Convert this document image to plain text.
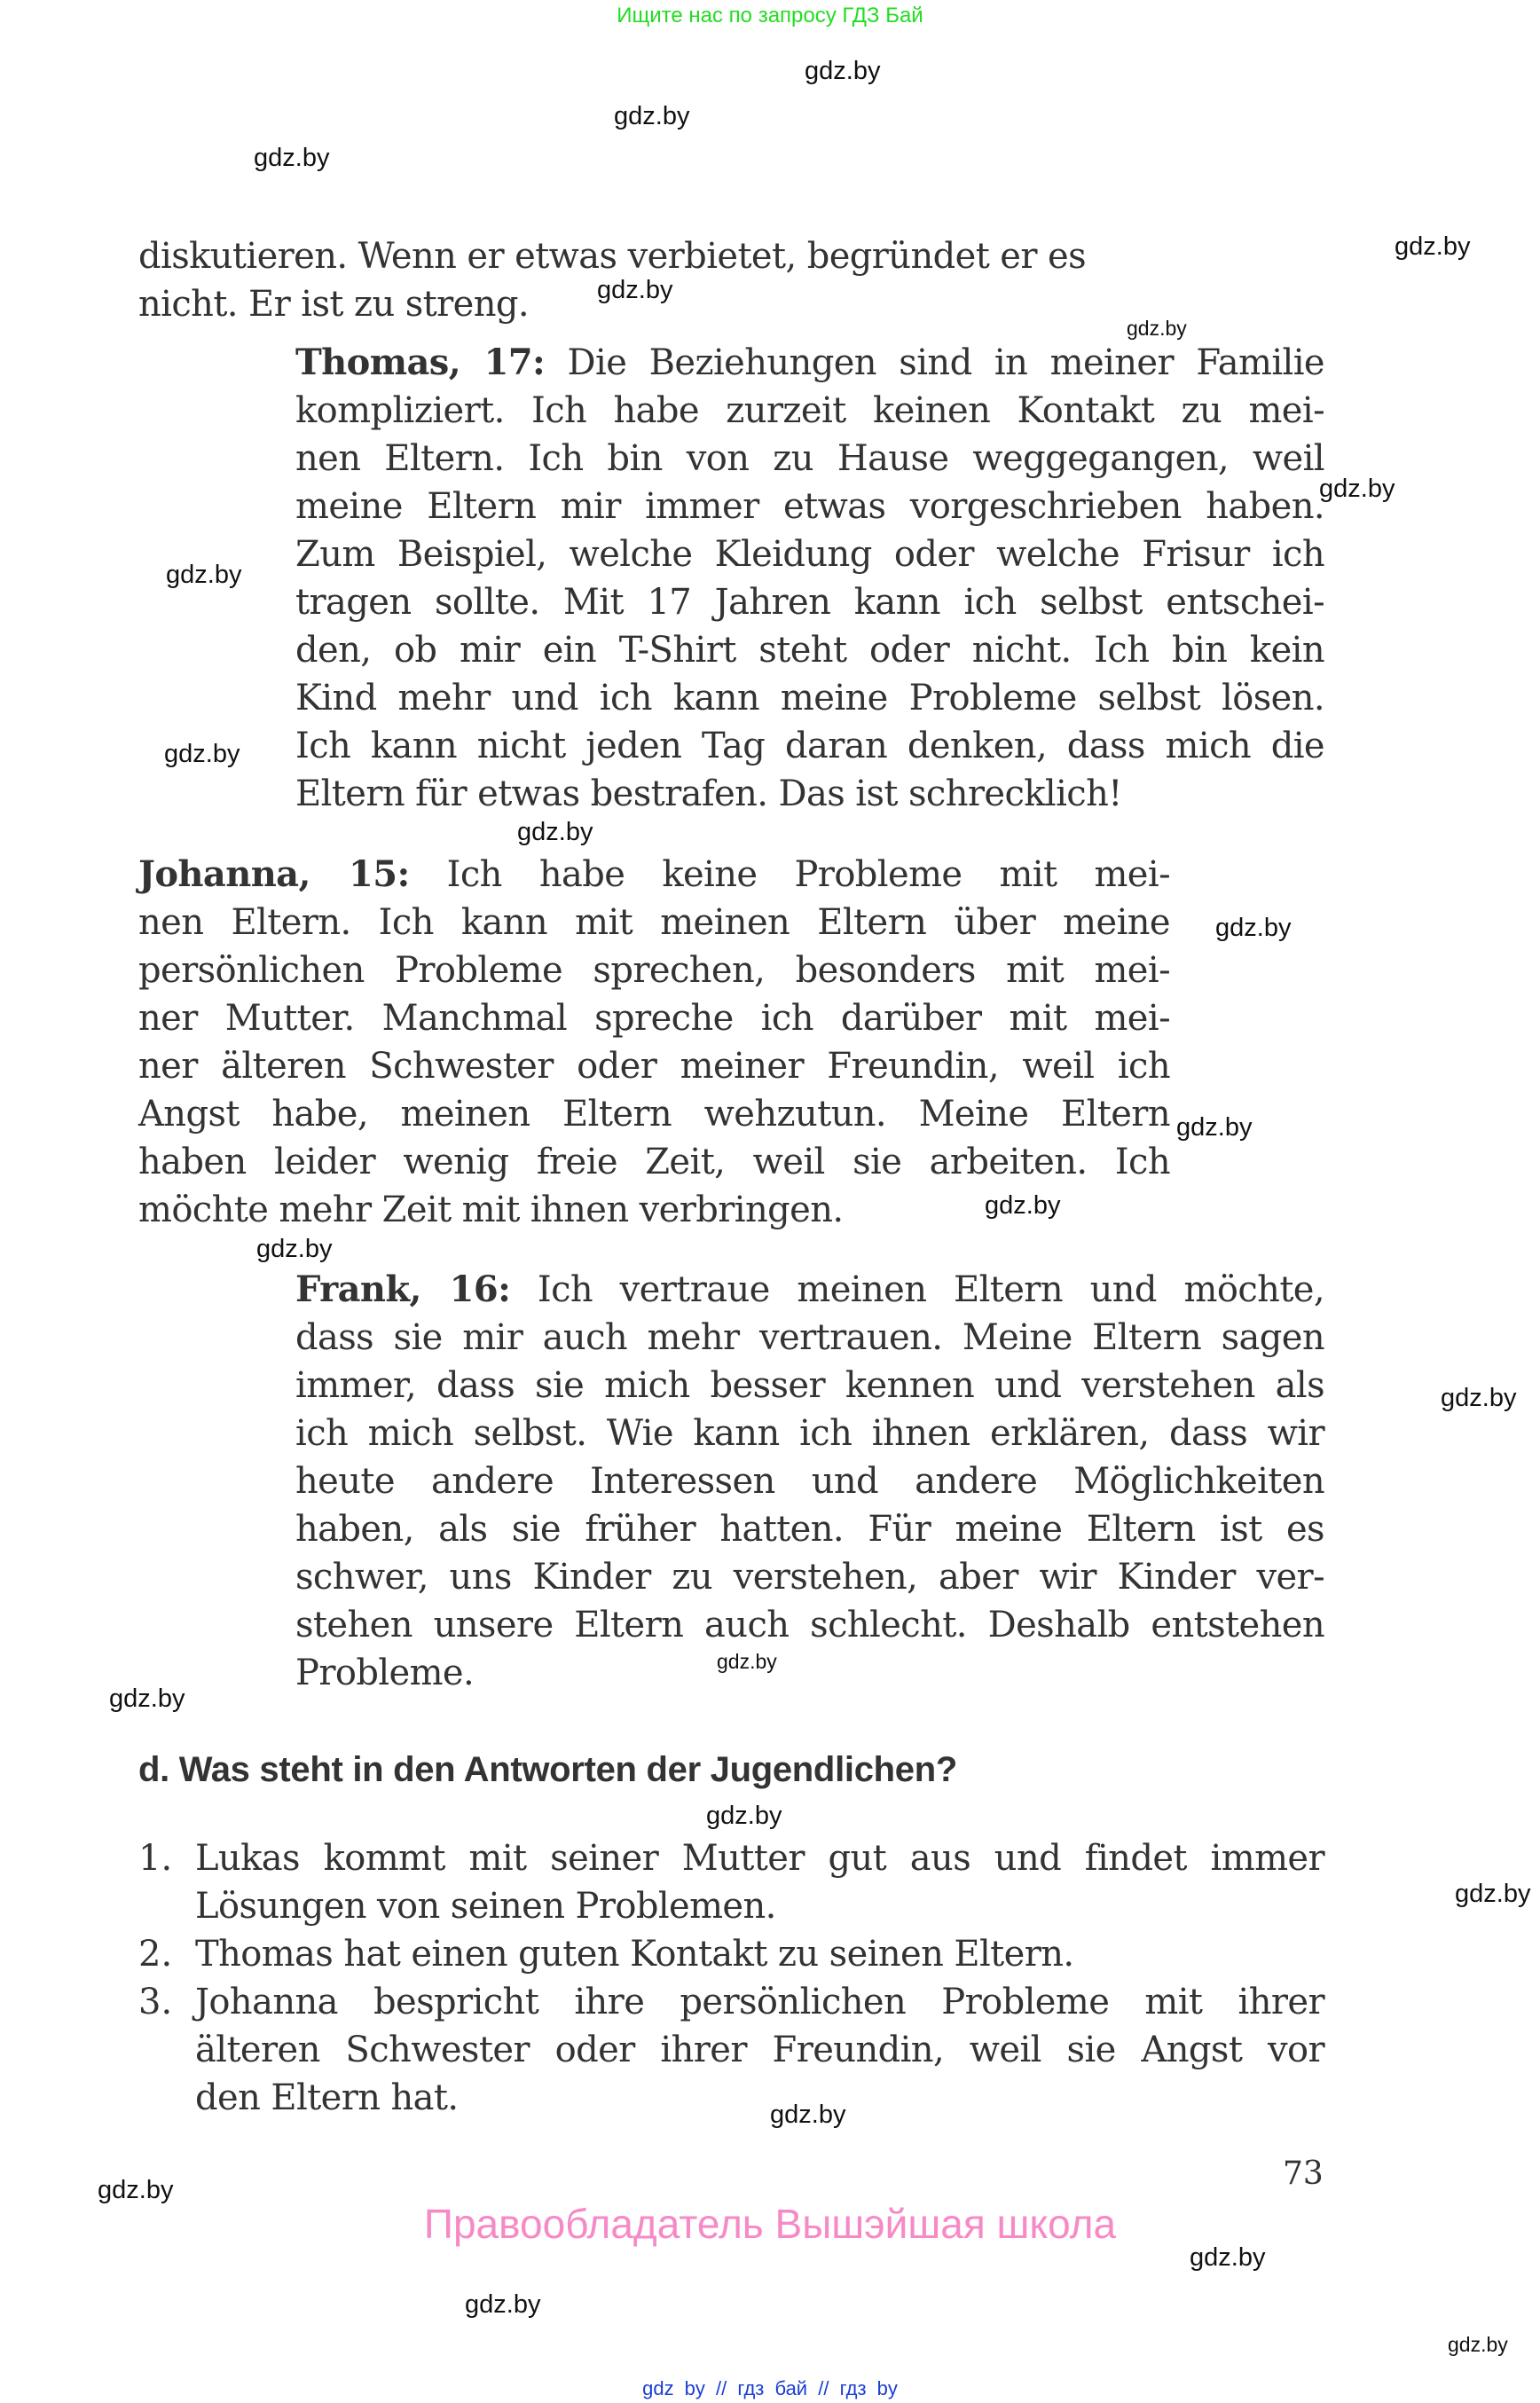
Ищите нас по запросу ГДЗ Бай
gdz.by
gdz.by
gdz.by
gdz.by
gdz.by
gdz.by
gdz.by
gdz.by
gdz.by
gdz.by
gdz.by
gdz.by
gdz.by
gdz.by
gdz.by
gdz.by
gdz.by
gdz.by
gdz.by
gdz.by
gdz.by
gdz.by
gdz.by
gdz.by
diskutieren. Wenn er etwas verbietet, begründet er es
nicht. Er ist zu streng.
Thomas, 17: Die Beziehungen sind in meiner Familie
kompliziert. Ich habe zurzeit keinen Kontakt zu mei-
nen Eltern. Ich bin von zu Hause weggegangen, weil
meine Eltern mir immer etwas vorgeschrieben haben.
Zum Beispiel, welche Kleidung oder welche Frisur ich
tragen sollte. Mit 17 Jahren kann ich selbst entschei-
den, ob mir ein T-Shirt steht oder nicht. Ich bin kein
Kind mehr und ich kann meine Probleme selbst lösen.
Ich kann nicht jeden Tag daran denken, dass mich die
Eltern für etwas bestrafen. Das ist schrecklich!
Johanna, 15: Ich habe keine Probleme mit mei-
nen Eltern. Ich kann mit meinen Eltern über meine
persönlichen Probleme sprechen, besonders mit mei-
ner Mutter. Manchmal spreche ich darüber mit mei-
ner älteren Schwester oder meiner Freundin, weil ich
Angst habe, meinen Eltern wehzutun. Meine Eltern
haben leider wenig freie Zeit, weil sie arbeiten. Ich
möchte mehr Zeit mit ihnen verbringen.
Frank, 16: Ich vertraue meinen Eltern und möchte,
dass sie mir auch mehr vertrauen. Meine Eltern sagen
immer, dass sie mich besser kennen und verstehen als
ich mich selbst. Wie kann ich ihnen erklären, dass wir
heute andere Interessen und andere Möglichkeiten
haben, als sie früher hatten. Für meine Eltern ist es
schwer, uns Kinder zu verstehen, aber wir Kinder ver-
stehen unsere Eltern auch schlecht. Deshalb entstehen
Probleme.
d. Was steht in den Antworten der Jugendlichen?
1. Lukas kommt mit seiner Mutter gut aus und findet immer
Lösungen von seinen Problemen.
2. Thomas hat einen guten Kontakt zu seinen Eltern.
3. Johanna bespricht ihre persönlichen Probleme mit ihrer
älteren Schwester oder ihrer Freundin, weil sie Angst vor
den Eltern hat.
73
Правообладатель Вышэйшая школа
gdz by // гдз бай // гдз by
